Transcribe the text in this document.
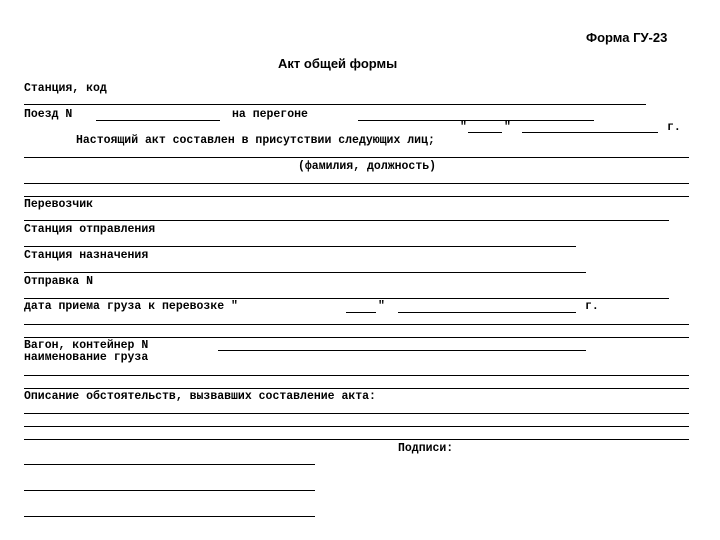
Форма ГУ-23
Акт общей формы
Станция, код
Поезд N	на перегоне
"	"	г.
Настоящий акт составлен в присутствии следующих лиц;
(фамилия, должность)
Перевозчик
Станция отправления
Станция назначения
Отправка N
дата приема груза к перевозке "	"	г.
Вагон, контейнер N
наименование груза
Описание обстоятельств, вызвавших составление акта:
Подписи:
